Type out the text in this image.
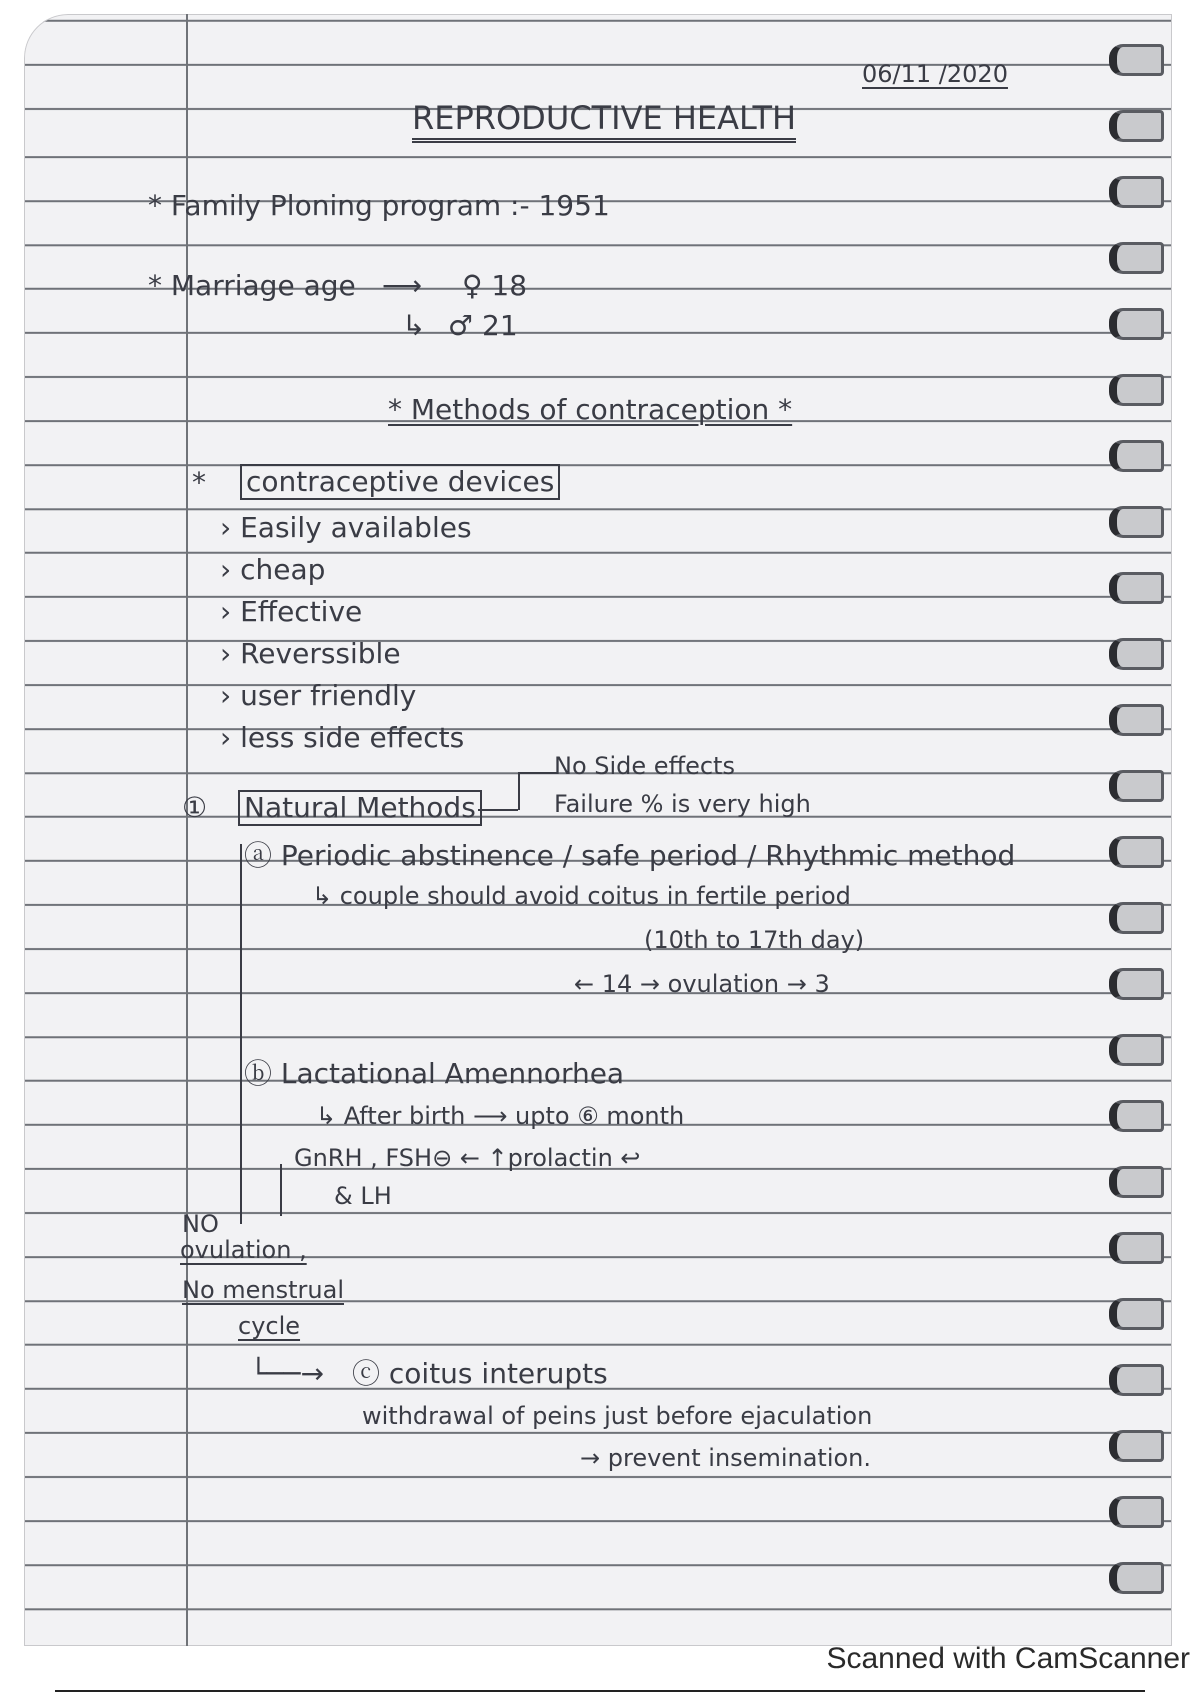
06/11 /2020
REPRODUCTIVE HEALTH
* Family Ploning program :- 1951
* Marriage age ⟶ ♀ 18
↳ ♂ 21
* Methods of contraception *
* contraceptive devices
› Easily availables
› cheap
› Effective
› Reverssible
› user friendly
› less side effects
① Natural Methods
No Side effects
Failure % is very high
ⓐ Periodic abstinence / safe period / Rhythmic method
↳ couple should avoid coitus in fertile period
(10th to 17th day)
← 14 → ovulation → 3
ⓑ Lactational Amennorhea
↳ After birth ⟶ upto ⑥ month
GnRH , FSH⊖ ← ↑prolactin ↩
& LH
NO
ovulation ,
No menstrual
cycle
└──→ ⓒ coitus interupts
withdrawal of peins just before ejaculation
→ prevent insemination.
Scanned with CamScanner
